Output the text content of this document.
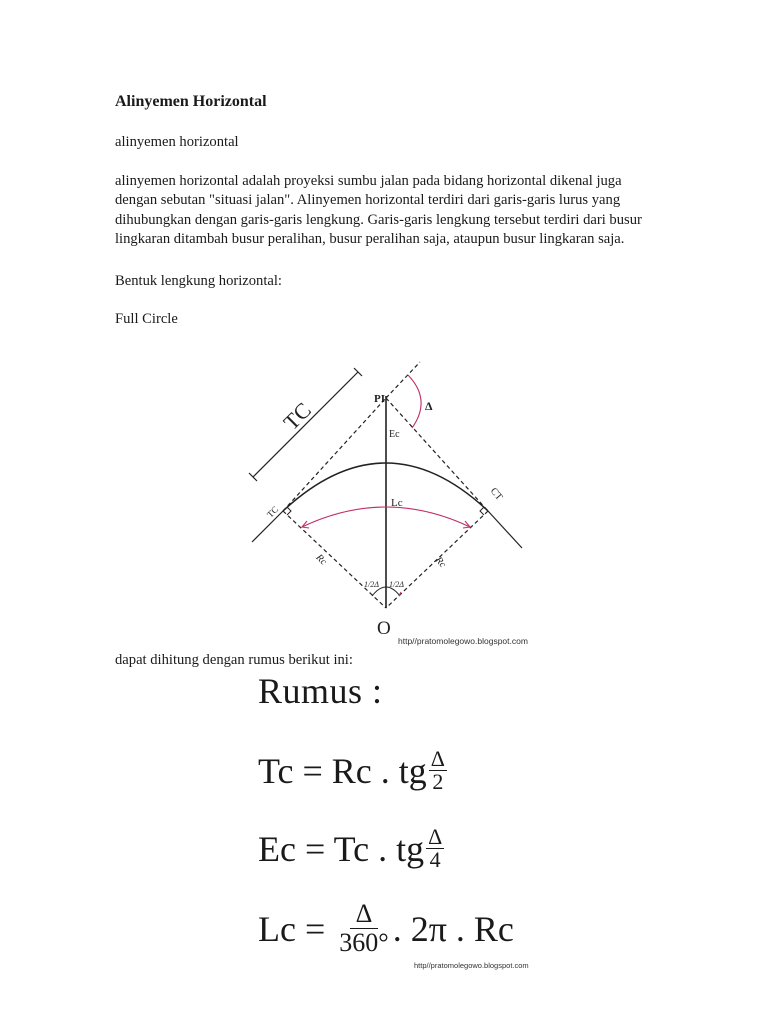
Alinyemen Horizontal

alinyemen horizontal

alinyemen horizontal adalah proyeksi sumbu jalan pada bidang horizontal dikenal juga dengan sebutan "situasi jalan". Alinyemen horizontal terdiri dari garis-garis lurus yang dihubungkan dengan garis-garis lengkung. Garis-garis lengkung tersebut terdiri dari busur lingkaran ditambah busur peralihan, busur peralihan saja, ataupun busur lingkaran saja.

Bentuk lengkung horizontal:

Full Circle

TC	PI	Δ
Ec
Lc
TC
CT
Rc	Rc
1/2Δ 1/2Δ
O
http//pratomolegowo.blogspot.com

dapat dihitung dengan rumus berikut ini:

Rumus :
Tc = Rc . tg $\frac{\Delta}{2}$
Ec = Tc . tg $\frac{\Delta}{4}$
$Lc = \frac{\Delta}{360^\circ}$ . 2π . Rc
http//pratomolegowo.blogspot.com
